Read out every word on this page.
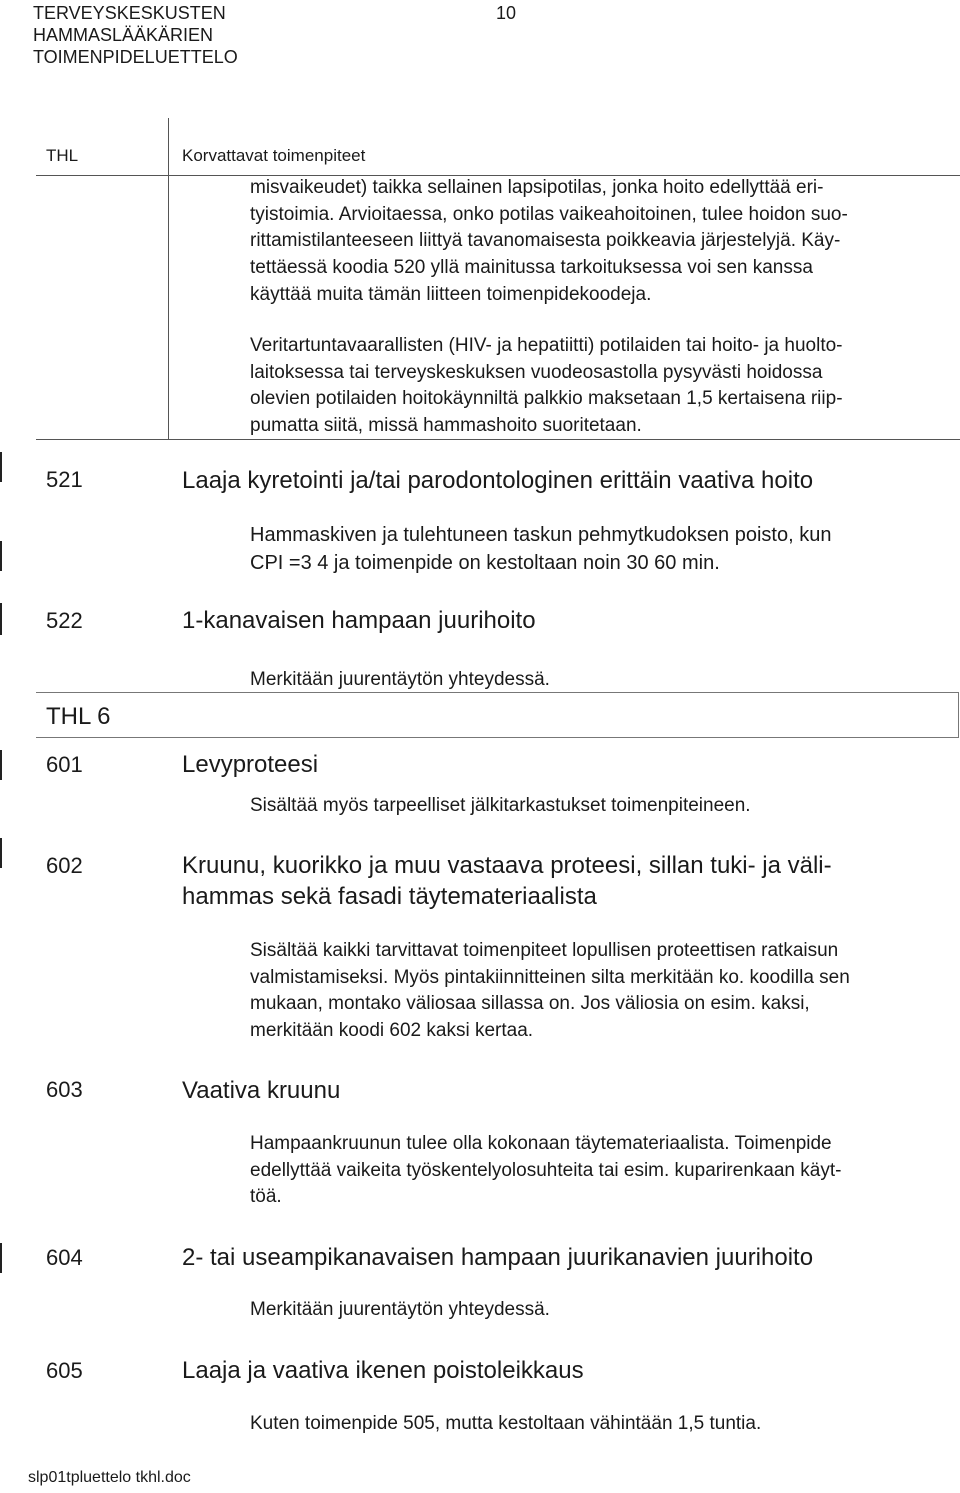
TERVEYSKESKUSTEN
HAMMASLÄÄKÄRIEN
TOIMENPIDELUETTELO
10
THL	Korvattavat toimenpiteet
misvaikeudet) taikka sellainen lapsipotilas, jonka hoito edellyttää eri-
tyistoimia. Arvioitaessa, onko potilas vaikeahoitoinen, tulee hoidon suo-
rittamistilanteeseen liittyä tavanomaisesta poikkeavia järjestelyjä. Käy-
tettäessä koodia 520 yllä mainitussa tarkoituksessa voi sen kanssa
käyttää muita tämän liitteen toimenpidekoodeja.
Veritartuntavaarallisten (HIV- ja hepatiitti) potilaiden tai hoito- ja huolto-
laitoksessa tai terveyskeskuksen vuodeosastolla pysyvästi hoidossa
olevien potilaiden hoitokäynniltä palkkio maksetaan 1,5 kertaisena riip-
pumatta siitä, missä hammashoito suoritetaan.
521	Laaja kyretointi ja/tai parodontologinen erittäin vaativa hoito
Hammaskiven ja tulehtuneen taskun pehmytkudoksen poisto, kun
CPI =3 4 ja toimenpide on kestoltaan noin 30 60 min.
522	1-kanavaisen hampaan juurihoito
Merkitään juurentäytön yhteydessä.
THL 6
601	Levyproteesi
Sisältää myös tarpeelliset jälkitarkastukset toimenpiteineen.
602	Kruunu, kuorikko ja muu vastaava proteesi, sillan tuki- ja väli-
hammas sekä fasadi täytemateriaalista
Sisältää kaikki tarvittavat toimenpiteet lopullisen proteettisen ratkaisun
valmistamiseksi. Myös pintakiinnitteinen silta merkitään ko. koodilla sen
mukaan, montako väliosaa sillassa on. Jos väliosia on esim. kaksi,
merkitään koodi 602 kaksi kertaa.
603	Vaativa kruunu
Hampaankruunun tulee olla kokonaan täytemateriaalista. Toimenpide
edellyttää vaikeita työskentelyolosuhteita tai esim. kuparirenkaan käyt-
töä.
604	2- tai useampikanavaisen hampaan juurikanavien juurihoito
Merkitään juurentäytön yhteydessä.
605	Laaja ja vaativa ikenen poistoleikkaus
Kuten toimenpide 505, mutta kestoltaan vähintään 1,5 tuntia.
slp01tpluettelo tkhl.doc
